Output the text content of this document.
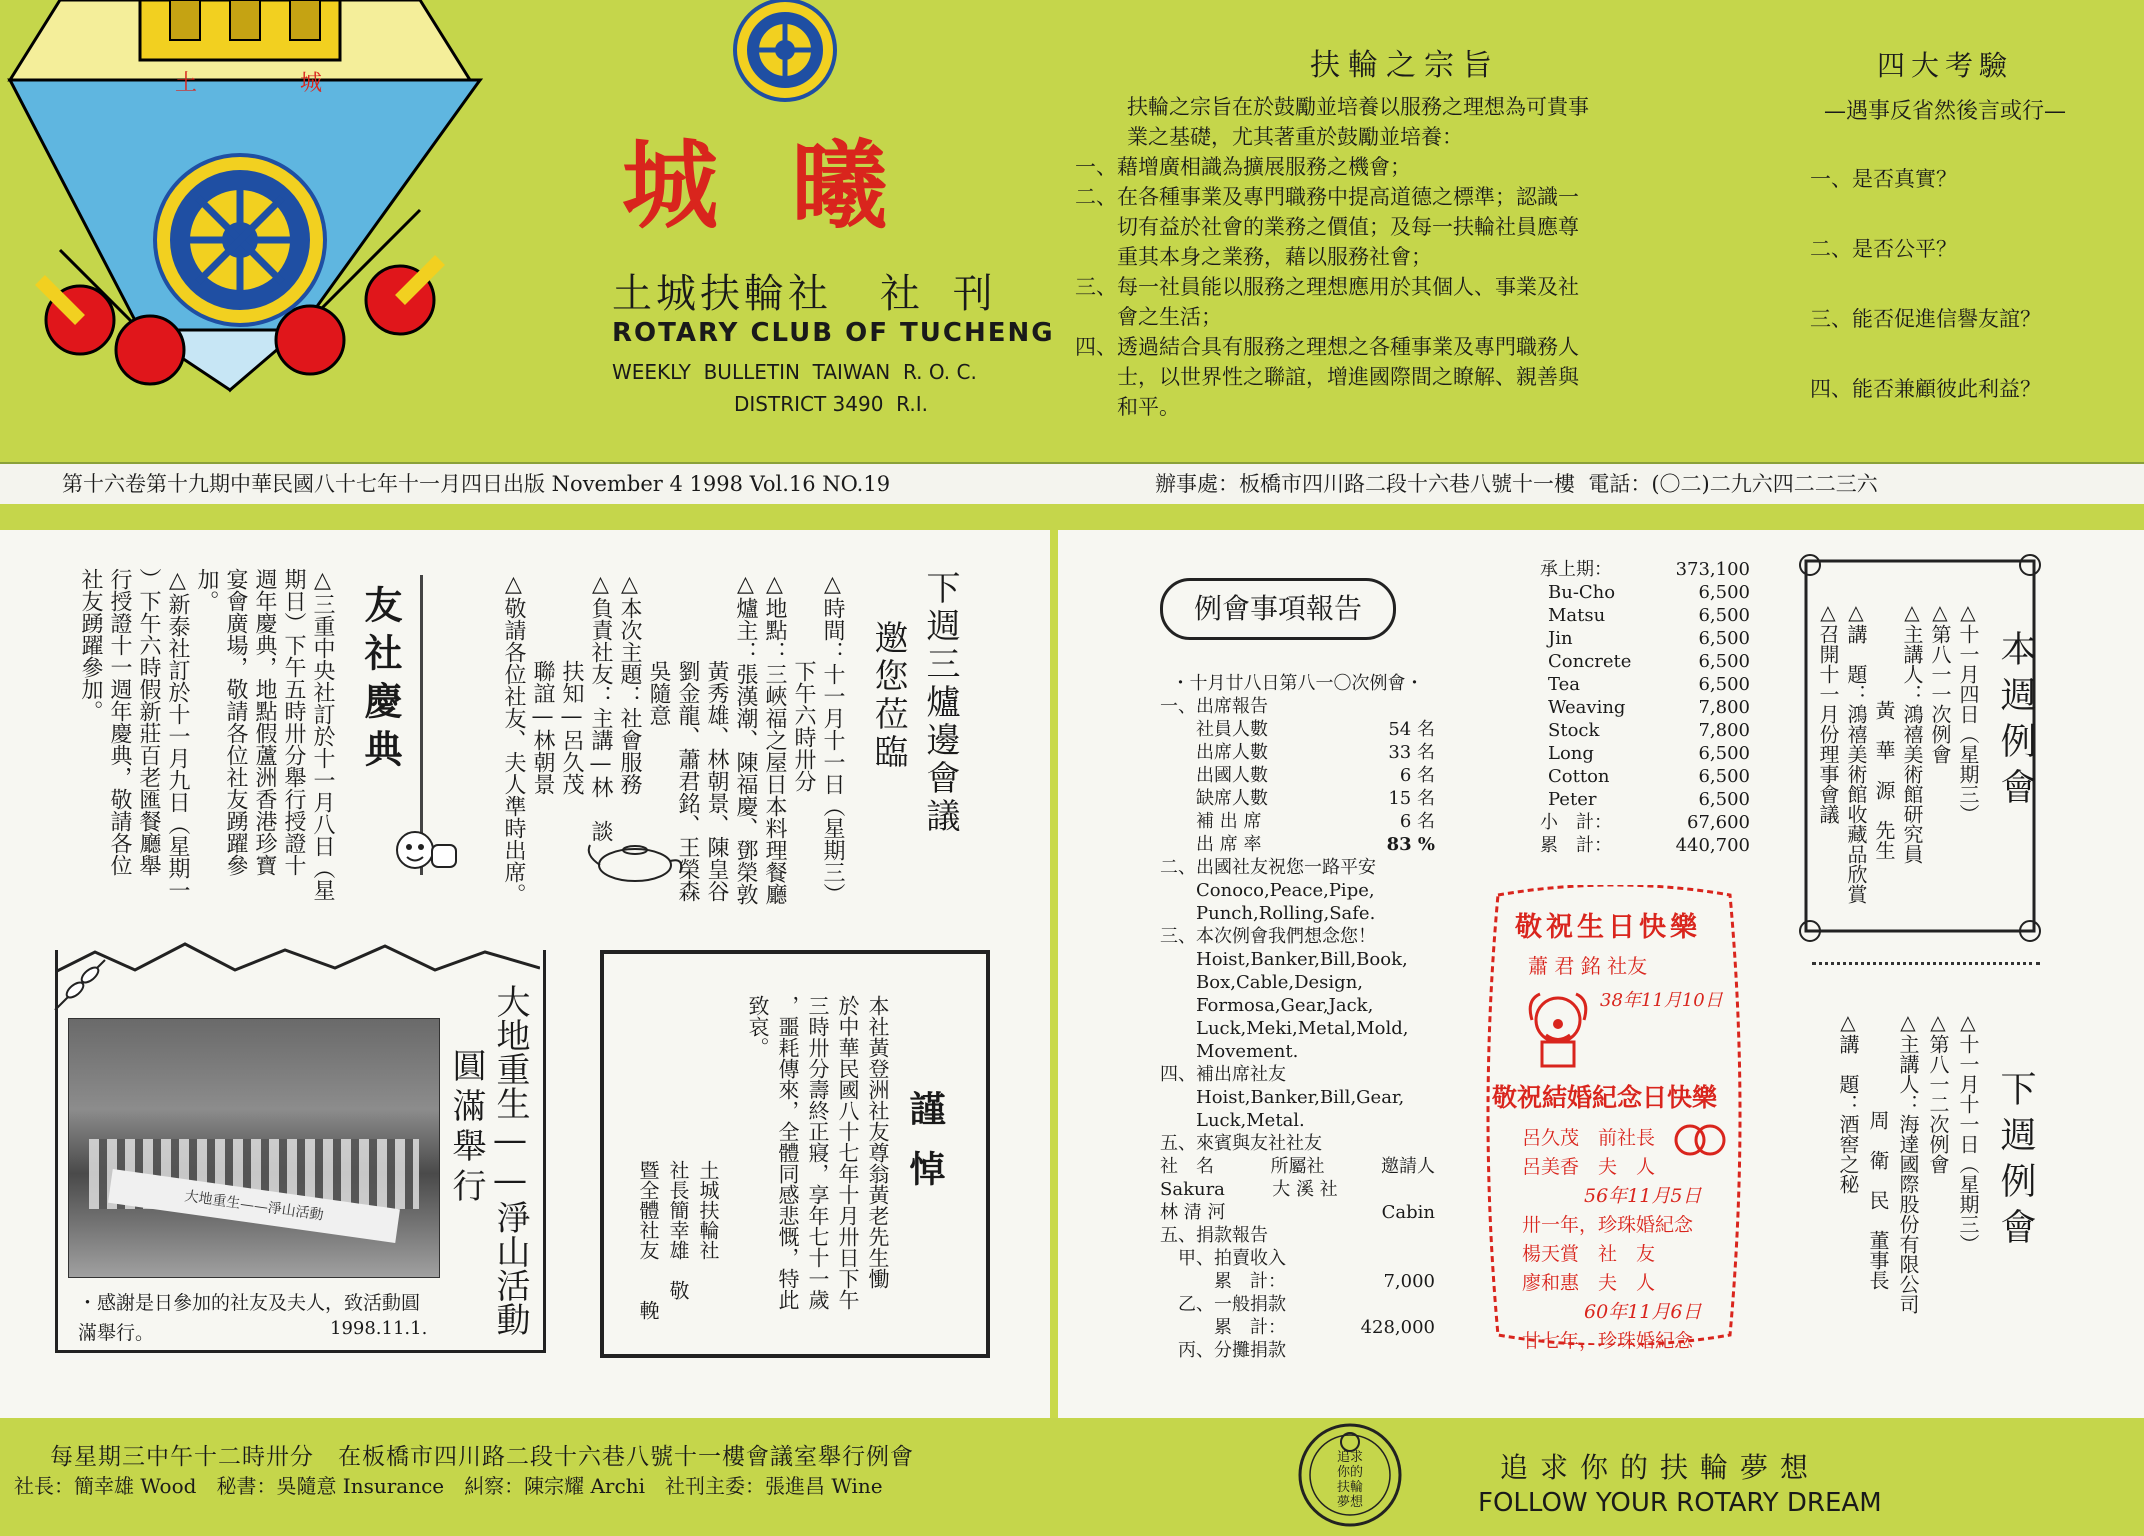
土	城
城 曦
土城扶輪社 社 刊
ROTARY CLUB OF TUCHENG
WEEKLY  BULLETIN  TAIWAN  R. O. C.
DISTRICT 3490  R.I.
扶輪之宗旨
扶輪之宗旨在於鼓勵並培養以服務之理想為可貴事
業之基礎，尤其著重於鼓勵並培養：
一、藉增廣相識為擴展服務之機會；
二、在各種事業及專門職務中提高道德之標準；認識一
　　切有益於社會的業務之價值；及每一扶輪社員應尊
　　重其本身之業務，藉以服務社會；
三、每一社員能以服務之理想應用於其個人、事業及社
　　會之生活；
四、透過結合具有服務之理想之各種事業及專門職務人
　　士，以世界性之聯誼，增進國際間之瞭解、親善與
　　和平。
四大考驗
—遇事反省然後言或行—
一、是否真實？
二、是否公平？
三、能否促進信譽友誼？
四、能否兼顧彼此利益？
第十六卷第十九期中華民國八十七年十一月四日出版 November 4 1998 Vol.16 NO.19	辦事處：板橋市四川路二段十六巷八號十一樓  電話：(〇二)二九六四二二三六
下週三爐邊會議
邀您莅臨
△時間：十一月十一日（星期三）
　　　　下午六時卅分
△地點：三峽福之屋日本料理餐廳
△爐主：張漢潮、陳福慶、鄧榮敦
　　　　黃秀雄、林朝景、陳皇谷
　　　　劉金龍、蕭君銘、王榮森
　　　　吳隨意
△本次主題：社會服務
△負責社友：主講—林　談
　　　　扶知—呂久茂
　　　　聯誼—林朝景
△敬請各位社友、夫人準時出席。
友社慶典
△三重中央社訂於十一月八日（星
期日）下午五時卅分舉行授證十
週年慶典，地點假蘆洲香港珍寶
宴會廣場，敬請各位社友踴躍參
加。
△新泰社訂於十一月九日（星期一
）下午六時假新莊百老匯餐廳舉
行授證十一週年慶典，敬請各位
社友踴躍參加。
大地重生——淨山活動	大地重生——淨山活動
圓滿舉行
・感謝是日參加的社友及夫人，致活動圓滿舉行。	1998.11.1.
謹悼
本社黃登洲社友尊翁黃老先生慟
於中華民國八十七年十月卅日下午
三時卅分壽終正寢，享年七十一歲
，噩耗傳來，全體同感悲慨，特此
致哀。
土城扶輪社
社長簡幸雄　敬
暨全體社友　　輓
例會事項報告
・十月廿八日第八一〇次例會・
一、出席報告
社員人數	54 名
出席人數	33 名
出國人數	6 名
缺席人數	15 名
補 出 席	6 名
出 席 率	83 %
二、出國社友祝您一路平安
Conoco,Peace,Pipe,
Punch,Rolling,Safe.
三、本次例會我們想念您！
Hoist,Banker,Bill,Book,
Box,Cable,Design,
Formosa,Gear,Jack,
Luck,Meki,Metal,Mold,
Movement.
四、補出席社友
Hoist,Banker,Bill,Gear,
Luck,Metal.
五、來賓與友社社友
社　名	所屬社	邀請人
Sakura	大 溪 社
林 清 河	Cabin
五、捐款報告
甲、拍賣收入
累　計：	7,000
乙、一般捐款
累　計：	428,000
丙、分攤捐款
承上期：	373,100
Bu-Cho	6,500
Matsu	6,500
Jin	6,500
Concrete	6,500
Tea	6,500
Weaving	7,800
Stock	7,800
Long	6,500
Cotton	6,500
Peter	6,500
小　計：	67,600
累　計：	440,700
敬祝生日快樂
蕭 君 銘 社友
38年11月10日
敬祝結婚紀念日快樂
呂久茂　前社長
呂美香　夫　人
56年11月5日
卅一年，珍珠婚紀念
楊天賞　社　友
廖和惠　夫　人
60年11月6日
廿七年，珍珠婚紀念
本週例會
△十一月四日（星期三）
△第八一一次例會
△主講人：鴻禧美術館研究員
　　　　　黃　華　源　先生
△講　題：鴻禧美術館收藏品欣賞
△召開十一月份理事會議
下週例會
△十一月十一日（星期三）
△第八一二次例會
△主講人：海達國際股份有限公司
　　　　　周　衛　民　董事長
△講　題：酒窖之秘
每星期三中午十二時卅分　在板橋市四川路二段十六巷八號十一樓會議室舉行例會
社長：簡幸雄 Wood　秘書：吳隨意 Insurance　糾察：陳宗耀 Archi　社刊主委：張進昌 Wine
追求
你的
扶輪
夢想
追求你的扶輪夢想
FOLLOW YOUR ROTARY DREAM
